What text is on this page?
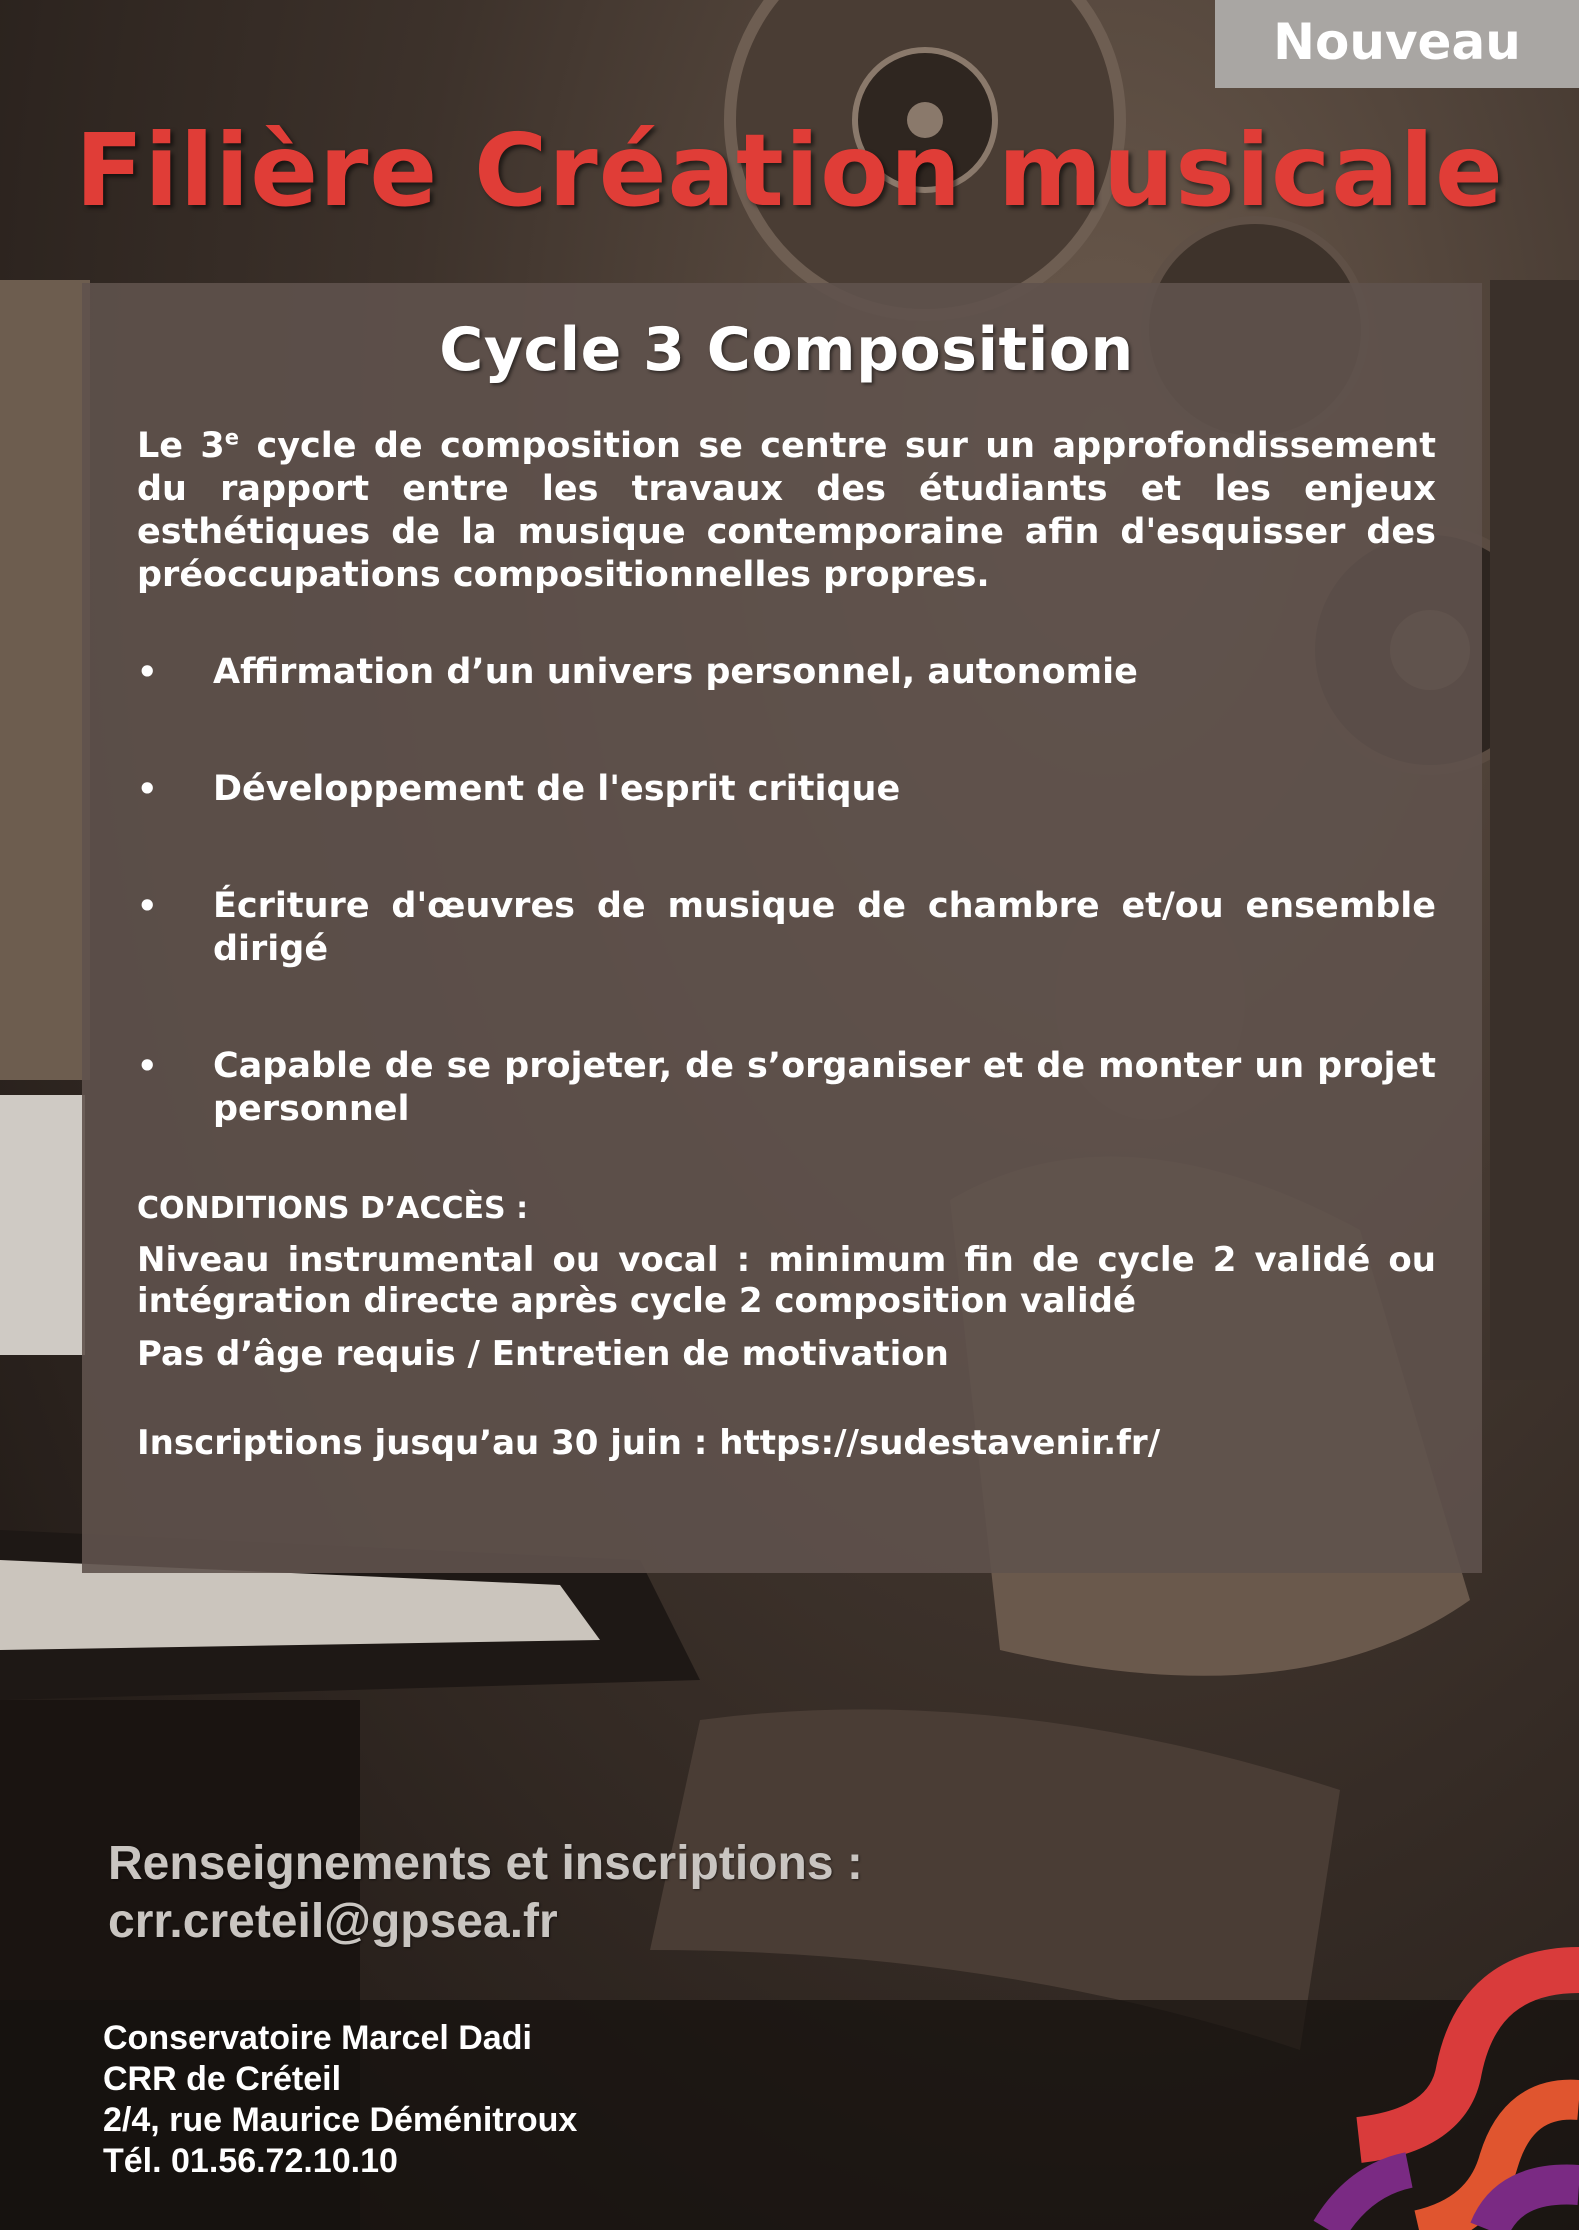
Nouveau
Filière Création musicale
Cycle 3 Composition
Le 3e cycle de composition se centre sur un approfondissement du rapport entre les travaux des étudiants et les enjeux esthétiques de la musique contemporaine afin d'esquisser des préoccupations compositionnelles propres.
• Affirmation d’un univers personnel, autonomie
• Développement de l'esprit critique
• Écriture d'œuvres de musique de chambre et/ou ensemble dirigé
• Capable de se projeter, de s’organiser et de monter un projet personnel
CONDITIONS D’ACCÈS :
Niveau instrumental ou vocal : minimum fin de cycle 2 validé ou intégration directe après cycle 2 composition validé
Pas d’âge requis / Entretien de motivation
Inscriptions jusqu’au 30 juin : https://sudestavenir.fr/
Renseignements et inscriptions :
crr.creteil@gpsea.fr
Conservatoire Marcel Dadi
CRR de Créteil
2/4, rue Maurice Déménitroux
Tél. 01.56.72.10.10
